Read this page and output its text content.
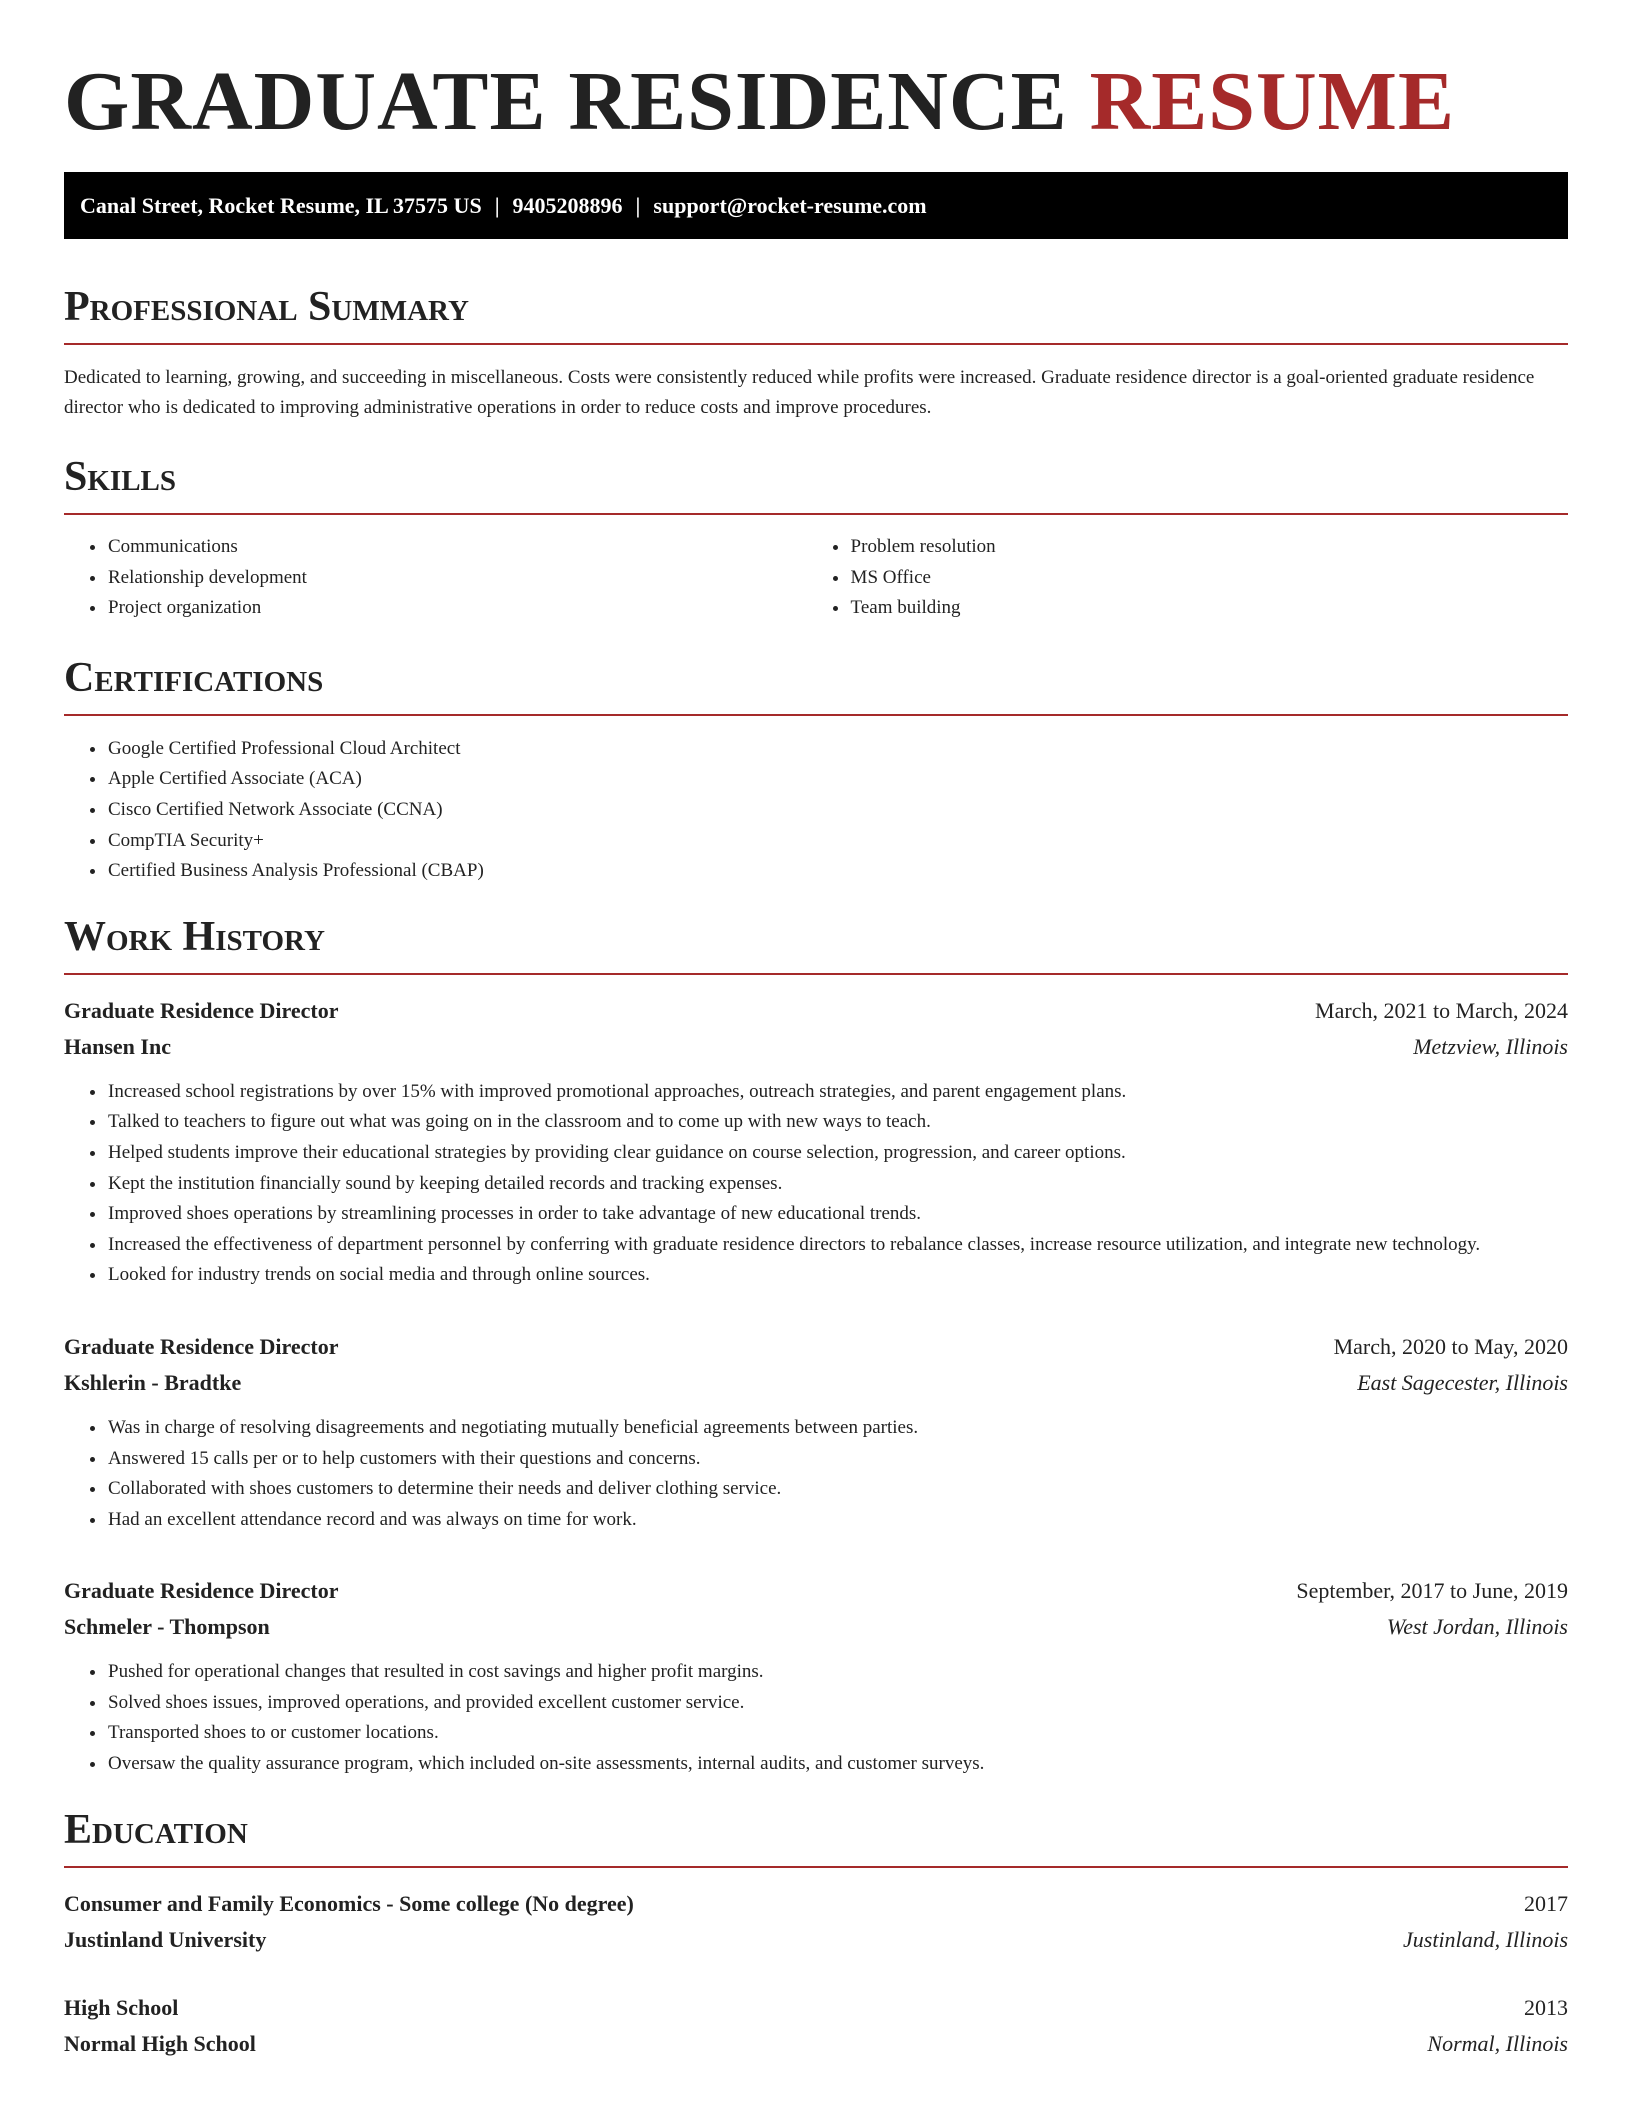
GRADUATE RESIDENCE RESUME
Canal Street, Rocket Resume, IL 37575 US | 9405208896 | support@rocket-resume.com
Professional Summary

Dedicated to learning, growing, and succeeding in miscellaneous. Costs were consistently reduced while profits were increased. Graduate residence director is a goal-oriented graduate residence director who is dedicated to improving administrative operations in order to reduce costs and improve procedures.

Skills
• Communications
• Relationship development
• Project organization
• Problem resolution
• MS Office
• Team building
Certifications
• Google Certified Professional Cloud Architect
• Apple Certified Associate (ACA)
• Cisco Certified Network Associate (CCNA)
• CompTIA Security+
• Certified Business Analysis Professional (CBAP)
Work History
Graduate Residence Director	March, 2021 to March, 2024
Hansen Inc	Metzview, Illinois
• Increased school registrations by over 15% with improved promotional approaches, outreach strategies, and parent engagement plans.
• Talked to teachers to figure out what was going on in the classroom and to come up with new ways to teach.
• Helped students improve their educational strategies by providing clear guidance on course selection, progression, and career options.
• Kept the institution financially sound by keeping detailed records and tracking expenses.
• Improved shoes operations by streamlining processes in order to take advantage of new educational trends.
• Increased the effectiveness of department personnel by conferring with graduate residence directors to rebalance classes, increase resource utilization, and integrate new technology.
• Looked for industry trends on social media and through online sources.
Graduate Residence Director	March, 2020 to May, 2020
Kshlerin - Bradtke	East Sagecester, Illinois
• Was in charge of resolving disagreements and negotiating mutually beneficial agreements between parties.
• Answered 15 calls per or to help customers with their questions and concerns.
• Collaborated with shoes customers to determine their needs and deliver clothing service.
• Had an excellent attendance record and was always on time for work.
Graduate Residence Director	September, 2017 to June, 2019
Schmeler - Thompson	West Jordan, Illinois
• Pushed for operational changes that resulted in cost savings and higher profit margins.
• Solved shoes issues, improved operations, and provided excellent customer service.
• Transported shoes to or customer locations.
• Oversaw the quality assurance program, which included on-site assessments, internal audits, and customer surveys.
Education
Consumer and Family Economics - Some college (No degree)	2017
Justinland University	Justinland, Illinois
High School	2013
Normal High School	Normal, Illinois
